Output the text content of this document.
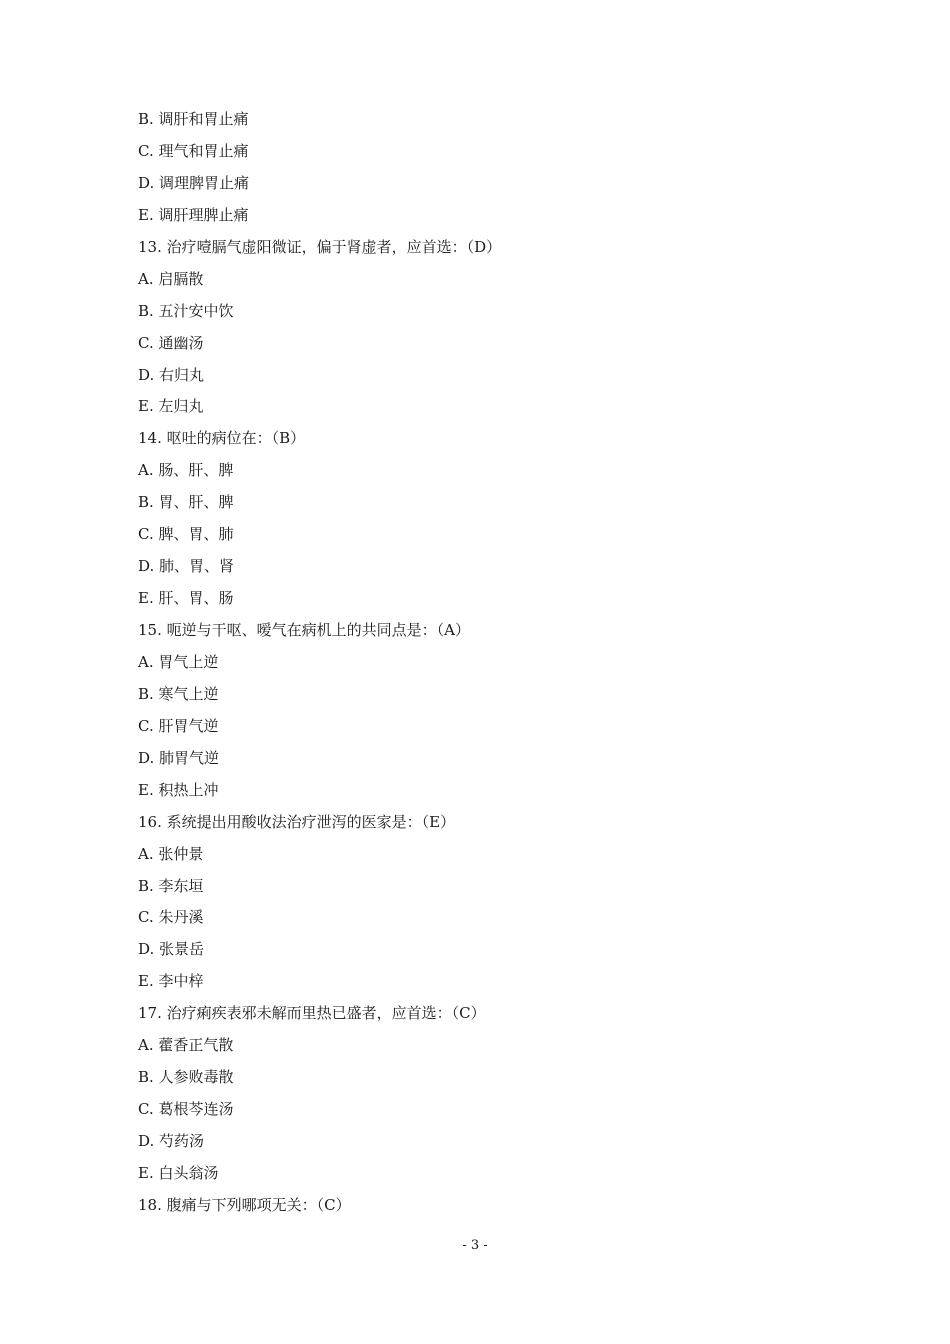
B. 调肝和胃止痛
C. 理气和胃止痛
D. 调理脾胃止痛
E. 调肝理脾止痛
13. 治疗噎膈气虚阳微证，偏于肾虚者，应首选：（D）
A. 启膈散
B. 五汁安中饮
C. 通幽汤
D. 右归丸
E. 左归丸
14. 呕吐的病位在：（B）
A. 肠、肝、脾
B. 胃、肝、脾
C. 脾、胃、肺
D. 肺、胃、肾
E. 肝、胃、肠
15. 呃逆与干呕、嗳气在病机上的共同点是：（A）
A. 胃气上逆
B. 寒气上逆
C. 肝胃气逆
D. 肺胃气逆
E. 积热上冲
16. 系统提出用酸收法治疗泄泻的医家是：（E）
A. 张仲景
B. 李东垣
C. 朱丹溪
D. 张景岳
E. 李中梓
17. 治疗痢疾表邪未解而里热已盛者，应首选：（C）
A. 藿香正气散
B. 人参败毒散
C. 葛根芩连汤
D. 芍药汤
E. 白头翁汤
18. 腹痛与下列哪项无关：（C）
- 3 -
